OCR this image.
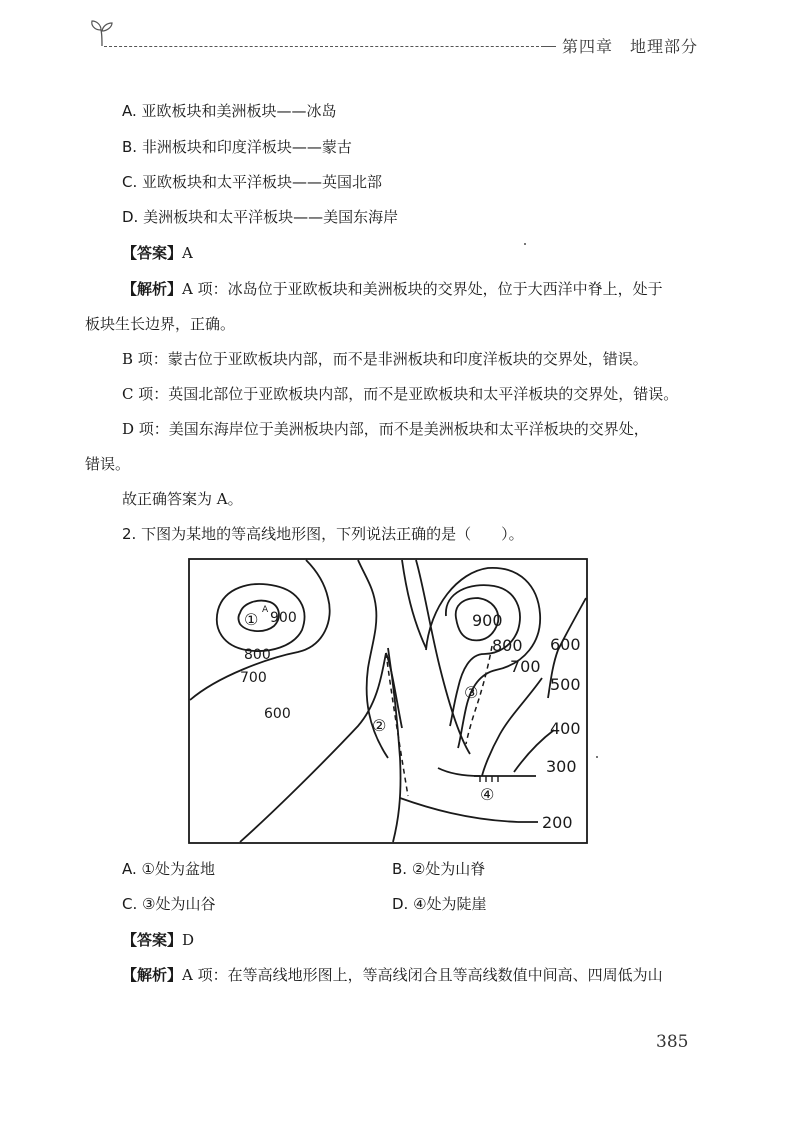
第四章　 地理部分
A. 亚欧板块和美洲板块——冰岛
B. 非洲板块和印度洋板块——蒙古
C. 亚欧板块和太平洋板块——英国北部
D. 美洲板块和太平洋板块——美国东海岸
【答案】A
【解析】A 项：冰岛位于亚欧板块和美洲板块的交界处，位于大西洋中脊上，处于
板块生长边界，正确。
B 项：蒙古位于亚欧板块内部，而不是非洲板块和印度洋板块的交界处，错误。
C 项：英国北部位于亚欧板块内部，而不是亚欧板块和太平洋板块的交界处，错误。
D 项：美国东海岸位于美洲板块内部，而不是美洲板块和太平洋板块的交界处，
错误。
故正确答案为 A。
2. 下图为某地的等高线地形图，下列说法正确的是（　　）。
900
800
700
600
900
800
700
600
500
400
300
200
A
①
②
③
④
A. ①处为盆地	B. ②处为山脊
C. ③处为山谷	D. ④处为陡崖
【答案】D
【解析】A 项：在等高线地形图上，等高线闭合且等高线数值中间高、四周低为山
385
